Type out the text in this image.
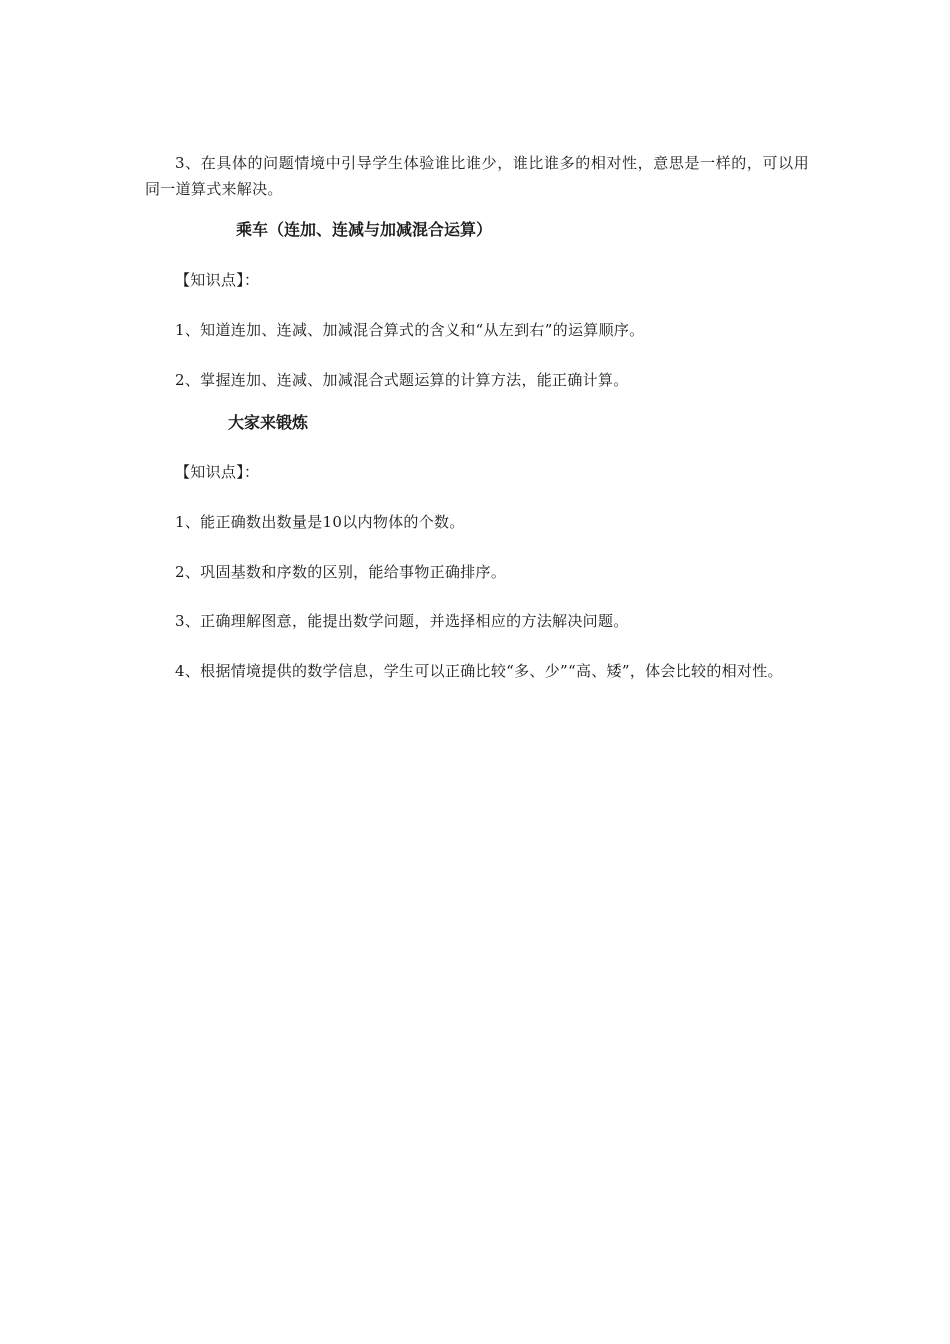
3、在具体的问题情境中引导学生体验谁比谁少，谁比谁多的相对性，意思是一样的，可以用同一道算式来解决。

乘车（连加、连减与加减混合运算）

【知识点】：

1、知道连加、连减、加减混合算式的含义和“从左到右”的运算顺序。

2、掌握连加、连减、加减混合式题运算的计算方法，能正确计算。

大家来锻炼

【知识点】：

1、能正确数出数量是10以内物体的个数。

2、巩固基数和序数的区别，能给事物正确排序。

3、正确理解图意，能提出数学问题，并选择相应的方法解决问题。

4、根据情境提供的数学信息，学生可以正确比较“多、少”“高、矮”，体会比较的相对性。
